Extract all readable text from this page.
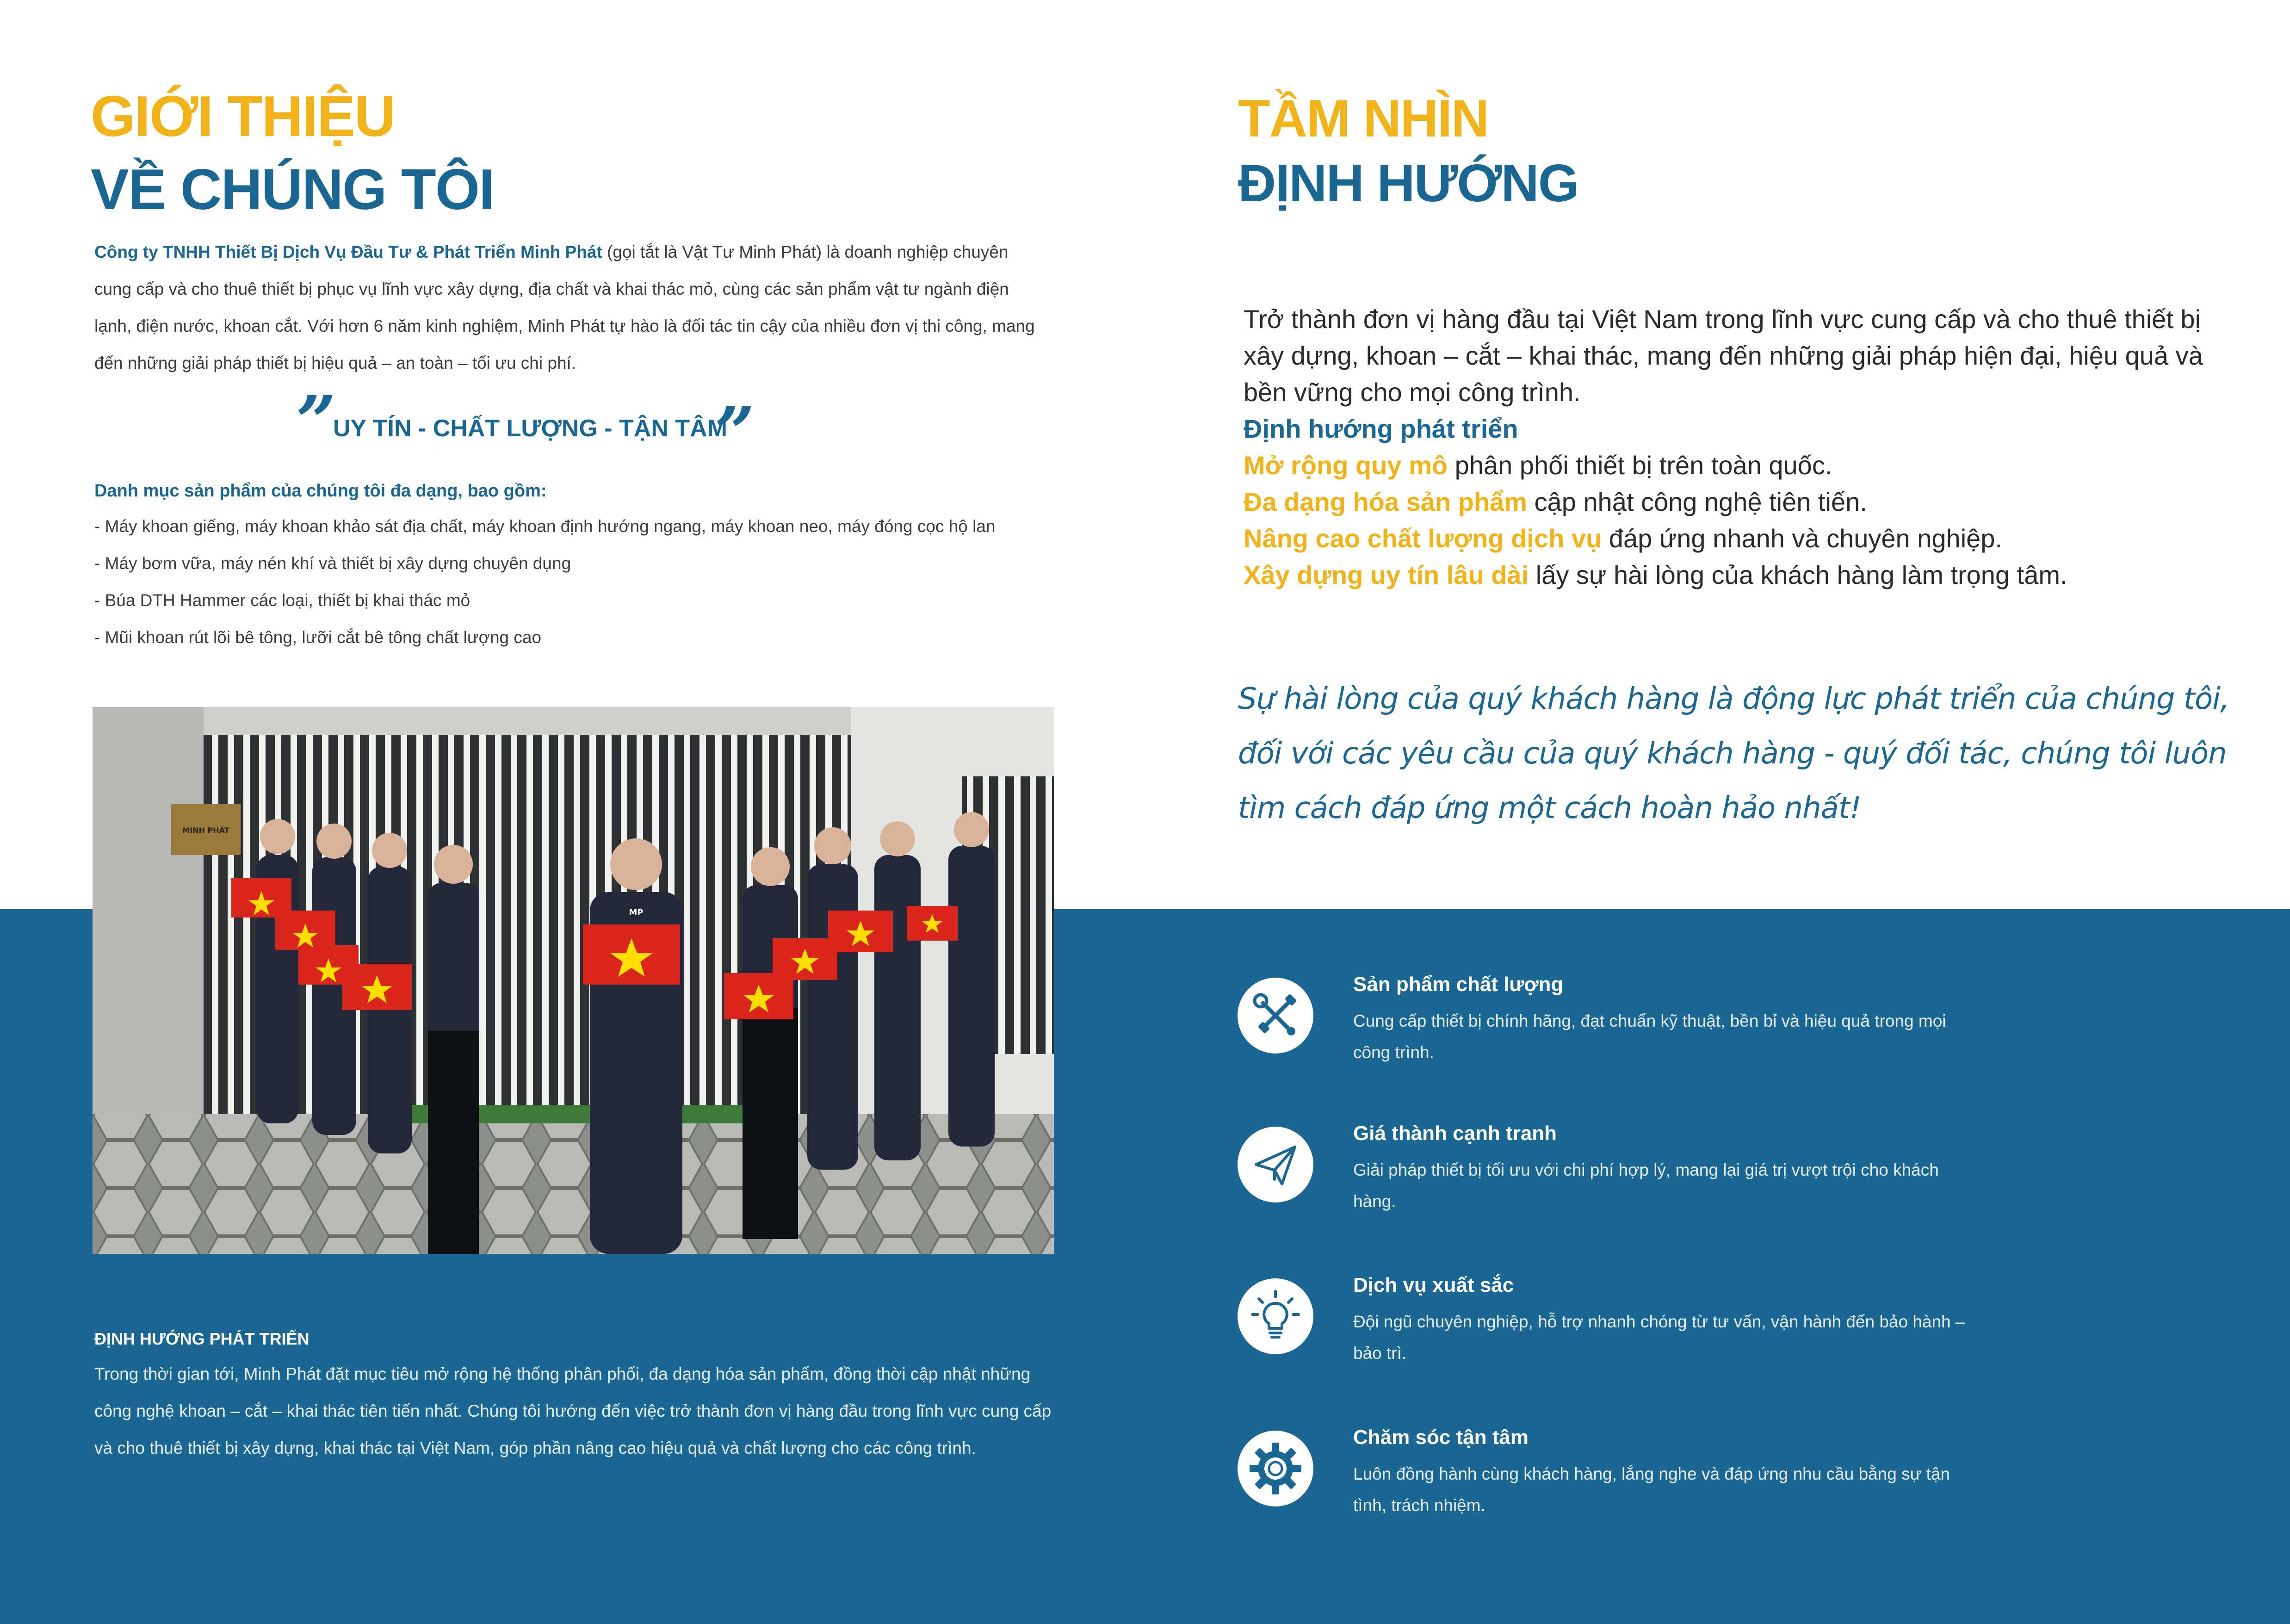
GIỚI THIỆU
VỀ CHÚNG TÔI

Công ty TNHH Thiết Bị Dịch Vụ Đầu Tư & Phát Triển Minh Phát (gọi tắt là Vật Tư Minh Phát) là doanh nghiệp chuyên cung cấp và cho thuê thiết bị phục vụ lĩnh vực xây dựng, địa chất và khai thác mỏ, cùng các sản phẩm vật tư ngành điện lạnh, điện nước, khoan cắt. Với hơn 6 năm kinh nghiệm, Minh Phát tự hào là đối tác tin cậy của nhiều đơn vị thi công, mang đến những giải pháp thiết bị hiệu quả – an toàn – tối ưu chi phí.

”
UY TÍN - CHẤT LƯỢNG - TẬN TÂM
”
Danh mục sản phẩm của chúng tôi đa dạng, bao gồm:
- Máy khoan giếng, máy khoan khảo sát địa chất, máy khoan định hướng ngang, máy khoan neo, máy đóng cọc hộ lan
- Máy bơm vữa, máy nén khí và thiết bị xây dựng chuyên dụng
- Búa DTH Hammer các loại, thiết bị khai thác mỏ
- Mũi khoan rút lõi bê tông, lưỡi cắt bê tông chất lượng cao
MINH PHÁT
MP
ĐỊNH HƯỚNG PHÁT TRIỂN

Trong thời gian tới, Minh Phát đặt mục tiêu mở rộng hệ thống phân phối, đa dạng hóa sản phẩm, đồng thời cập nhật những công nghệ khoan – cắt – khai thác tiên tiến nhất. Chúng tôi hướng đến việc trở thành đơn vị hàng đầu trong lĩnh vực cung cấp và cho thuê thiết bị xây dựng, khai thác tại Việt Nam, góp phần nâng cao hiệu quả và chất lượng cho các công trình.

TẦM NHÌN
ĐỊNH HƯỚNG
Trở thành đơn vị hàng đầu tại Việt Nam trong lĩnh vực cung cấp và cho thuê thiết bị
xây dựng, khoan – cắt – khai thác, mang đến những giải pháp hiện đại, hiệu quả và
bền vững cho mọi công trình.
Định hướng phát triển
Mở rộng quy mô phân phối thiết bị trên toàn quốc.
Đa dạng hóa sản phẩm cập nhật công nghệ tiên tiến.
Nâng cao chất lượng dịch vụ đáp ứng nhanh và chuyên nghiệp.
Xây dựng uy tín lâu dài lấy sự hài lòng của khách hàng làm trọng tâm.
Sự hài lòng của quý khách hàng là động lực phát triển của chúng tôi,
đối với các yêu cầu của quý khách hàng - quý đối tác, chúng tôi luôn
tìm cách đáp ứng một cách hoàn hảo nhất!
Sản phẩm chất lượng
Cung cấp thiết bị chính hãng, đạt chuẩn kỹ thuật, bền bỉ và hiệu quả trong mọi công trình.
Giá thành cạnh tranh
Giải pháp thiết bị tối ưu với chi phí hợp lý, mang lại giá trị vượt trội cho khách hàng.
Dịch vụ xuất sắc
Đội ngũ chuyên nghiệp, hỗ trợ nhanh chóng từ tư vấn, vận hành đến bảo hành – bảo trì.
Chăm sóc tận tâm
Luôn đồng hành cùng khách hàng, lắng nghe và đáp ứng nhu cầu bằng sự tận tình, trách nhiệm.
